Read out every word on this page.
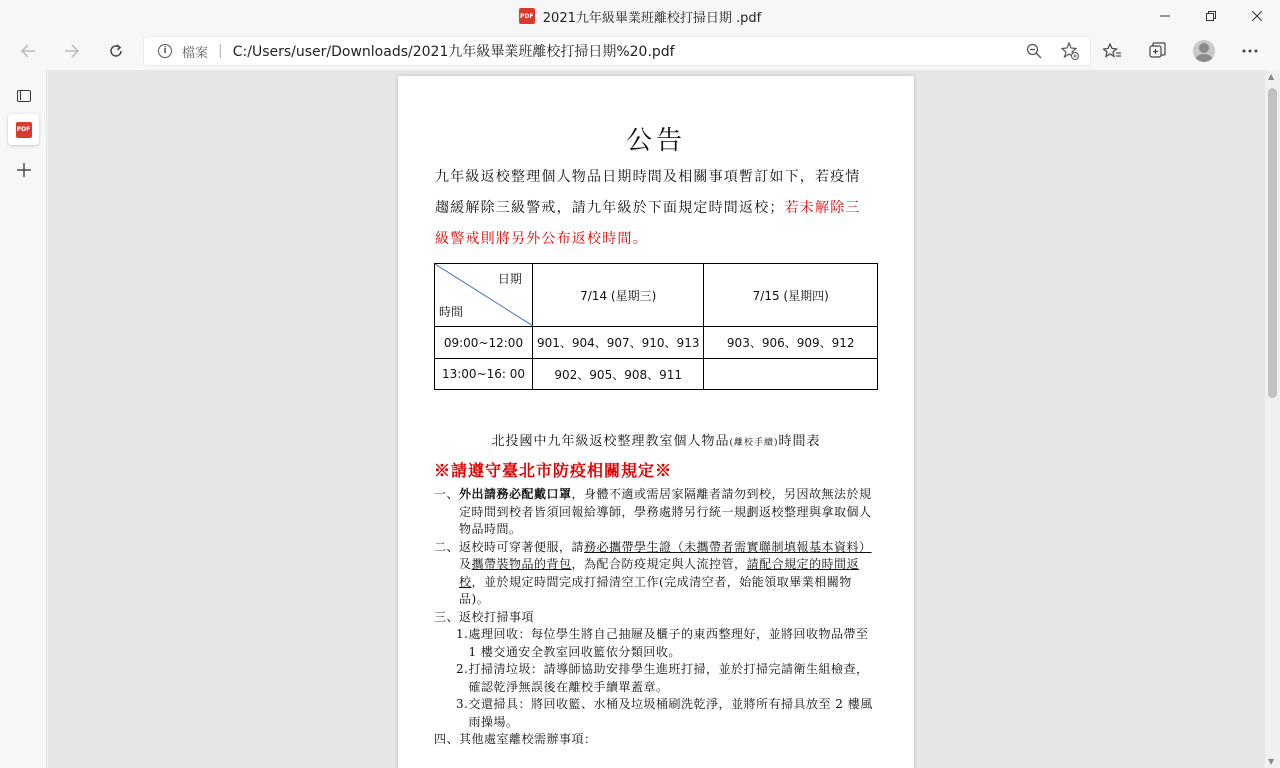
PDF 2021九年級畢業班離校打掃日期 .pdf
i	檔案 | C:/Users/user/Downloads/2021九年級畢業班離校打掃日期%20.pdf
PDF	公告
九年級返校整理個人物品日期時間及相關事項暫訂如下，若疫情趨緩解除三級警戒，請九年級於下面規定時間返校；若未解除三級警戒則將另外公布返校時間。
日期
時間	7/14 (星期三)	7/15 (星期四)
09:00~12:00	901、904、907、910、913	903、906、909、912
13:00~16: 00	902、905、908、911	
北投國中九年級返校整理教室個人物品(離校手續)時間表
※請遵守臺北市防疫相關規定※
一、 外出請務必配戴口罩，身體不適或需居家隔離者請勿到校，另因故無法於規定時間到校者皆須回報給導師，學務處將另行統一規劃返校整理與拿取個人物品時間。
二、 返校時可穿著便服，請務必攜帶學生證（未攜帶者需實聯制填報基本資料）及攜帶裝物品的背包，為配合防疫規定與人流控管，請配合規定的時間返校，並於規定時間完成打掃清空工作(完成清空者，始能領取畢業相關物品)。
三、 返校打掃事項
1. 處理回收：每位學生將自己抽屜及櫃子的東西整理好，並將回收物品帶至 1 樓交通安全教室回收籃依分類回收。
2. 打掃清垃圾：請導師協助安排學生進班打掃，並於打掃完請衛生組檢查，確認乾淨無誤後在離校手續單蓋章。
3. 交還掃具：將回收籃、水桶及垃圾桶刷洗乾淨，並將所有掃具放至 2 樓風雨操場。
四、 其他處室離校需辦事項：
▲
▼
